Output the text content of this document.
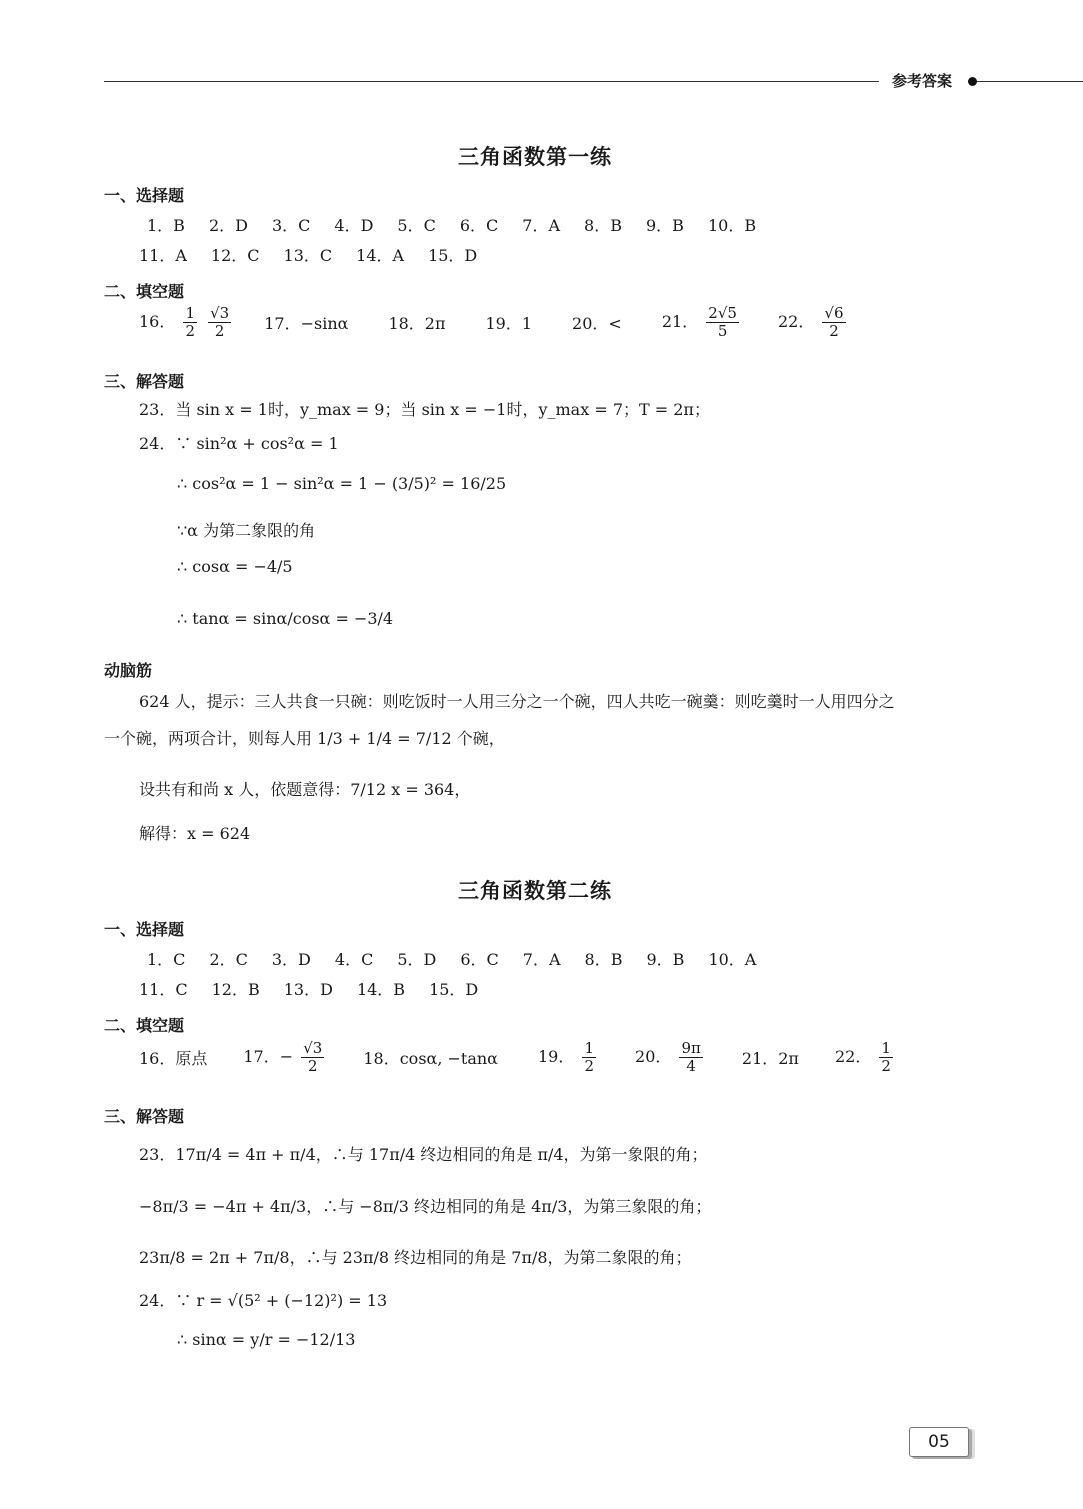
参考答案
三角函数第一练
一、选择题
1．B 2．D 3．C 4．D 5．C 6．C 7．A 8．B 9．B 10．B
11．A 12．C 13．C 14．A 15．D
二、填空题
16． $\frac{1}{2}$
$\frac{√3}{2} 17$．−sinα	18．2π	19．1	20．<	21． $\frac{2√5}{5} 22$． $\frac{√6}{2}$
三、解答题
23．当 sin x = 1时，y_max = 9；当 sin x = −1时，y_max = 7；T = 2π；
24．∵ sin²α + cos²α = 1
∴ cos²α = 1 − sin²α = 1 − (3/5)² = 16/25
∵α 为第二象限的角
∴ cosα = −4/5
∴ tanα = sinα/cosα = −3/4
动脑筋
624 人，提示：三人共食一只碗：则吃饭时一人用三分之一个碗，四人共吃一碗羹：则吃羹时一人用四分之
一个碗，两项合计，则每人用 1/3 + 1/4 = 7/12 个碗，
设共有和尚 x 人，依题意得：7/12 x = 364，
解得：x = 624
三角函数第二练
一、选择题
1．C 2．C 3．D 4．C 5．D 6．C 7．A 8．B 9．B 10．A
11．C 12．B 13．D 14．B 15．D
二、填空题
16．原点 17．− $\frac{√3}{2} 18$．cosα, −tanα	19． $\frac{1}{2} 20$． $\frac{9\pi}{4} 21$．2π 22． $\frac{1}{2}$
三、解答题
23．17π/4 = 4π + π/4，∴与 17π/4 终边相同的角是 π/4，为第一象限的角；
−8π/3 = −4π + 4π/3，∴与 −8π/3 终边相同的角是 4π/3，为第三象限的角；
23π/8 = 2π + 7π/8，∴与 23π/8 终边相同的角是 7π/8，为第二象限的角；
24．∵ r = √(5² + (−12)²) = 13
∴ sinα = y/r = −12/13
05
